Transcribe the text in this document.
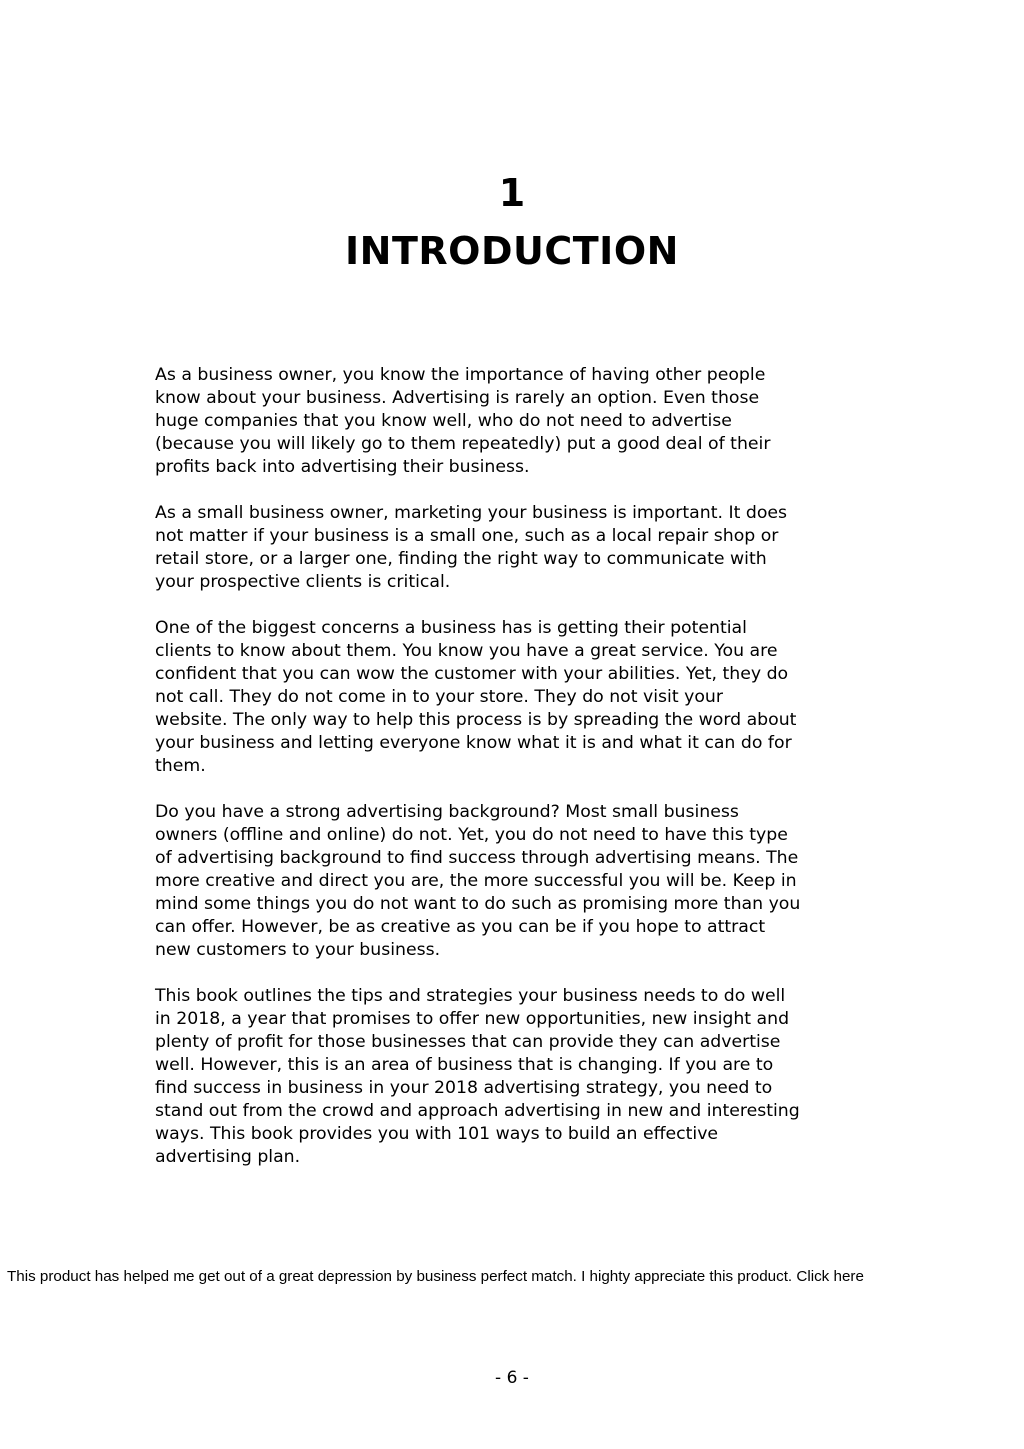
1
INTRODUCTION

As a business owner, you know the importance of having other people
know about your business. Advertising is rarely an option. Even those
huge companies that you know well, who do not need to advertise
(because you will likely go to them repeatedly) put a good deal of their
profits back into advertising their business.

As a small business owner, marketing your business is important. It does
not matter if your business is a small one, such as a local repair shop or
retail store, or a larger one, finding the right way to communicate with
your prospective clients is critical.

One of the biggest concerns a business has is getting their potential
clients to know about them. You know you have a great service. You are
confident that you can wow the customer with your abilities. Yet, they do
not call. They do not come in to your store. They do not visit your
website. The only way to help this process is by spreading the word about
your business and letting everyone know what it is and what it can do for
them.

Do you have a strong advertising background? Most small business
owners (offline and online) do not. Yet, you do not need to have this type
of advertising background to find success through advertising means. The
more creative and direct you are, the more successful you will be. Keep in
mind some things you do not want to do such as promising more than you
can offer. However, be as creative as you can be if you hope to attract
new customers to your business.

This book outlines the tips and strategies your business needs to do well
in 2018, a year that promises to offer new opportunities, new insight and
plenty of profit for those businesses that can provide they can advertise
well. However, this is an area of business that is changing. If you are to
find success in business in your 2018 advertising strategy, you need to
stand out from the crowd and approach advertising in new and interesting
ways. This book provides you with 101 ways to build an effective
advertising plan.

This product has helped me get out of a great depression by business perfect match. I highty appreciate this product. Click here
- 6 -
